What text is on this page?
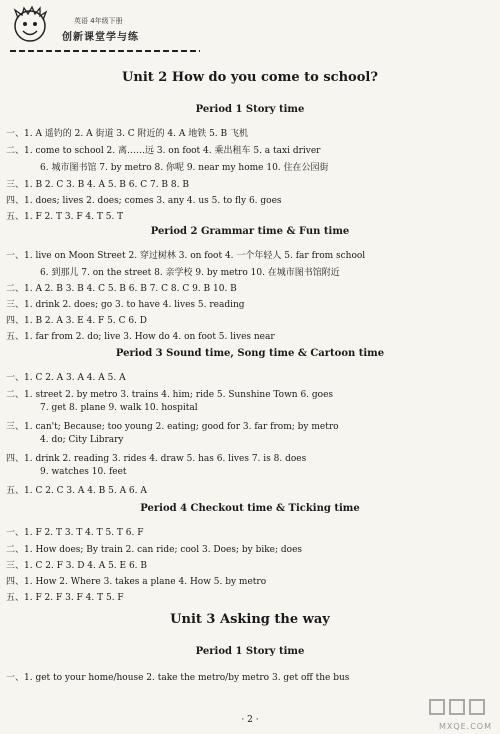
英语 4年级下册
创新课堂学与练
Unit 2 How do you come to school?
Period 1 Story time
一、1. A 遥钓的 2. A 街道 3. C 附近的 4. A 地铁 5. B 飞机
二、1. come to school 2. 离……远 3. on foot 4. 乘出租车 5. a taxi driver
6. 城市图书馆 7. by metro 8. 你呢 9. near my home 10. 住在公园街
三、1. B 2. C 3. B 4. A 5. B 6. C 7. B 8. B
四、1. does; lives 2. does; comes 3. any 4. us 5. to fly 6. goes
五、1. F 2. T 3. F 4. T 5. T
Period 2 Grammar time & Fun time
一、1. live on Moon Street 2. 穿过树林 3. on foot 4. 一个年轻人 5. far from school
6. 到那儿 7. on the street 8. 亲学校 9. by metro 10. 在城市图书馆附近
二、1. A 2. B 3. B 4. C 5. B 6. B 7. C 8. C 9. B 10. B
三、1. drink 2. does; go 3. to have 4. lives 5. reading
四、1. B 2. A 3. E 4. F 5. C 6. D
五、1. far from 2. do; live 3. How do 4. on foot 5. lives near
Period 3 Sound time, Song time & Cartoon time
一、1. C 2. A 3. A 4. A 5. A
二、1. street 2. by metro 3. trains 4. him; ride 5. Sunshine Town 6. goes
7. get 8. plane 9. walk 10. hospital
三、1. can't; Because; too young 2. eating; good for 3. far from; by metro
4. do; City Library
四、1. drink 2. reading 3. rides 4. draw 5. has 6. lives 7. is 8. does
9. watches 10. feet
五、1. C 2. C 3. A 4. B 5. A 6. A
Period 4 Checkout time & Ticking time
一、1. F 2. T 3. T 4. T 5. T 6. F
二、1. How does; By train 2. can ride; cool 3. Does; by bike; does
三、1. C 2. F 3. D 4. A 5. E 6. B
四、1. How 2. Where 3. takes a plane 4. How 5. by metro
五、1. F 2. F 3. F 4. T 5. F
Unit 3 Asking the way
Period 1 Story time
一、1. get to your home/house 2. take the metro/by metro 3. get off the bus
· 2 ·
MXQE.COM
